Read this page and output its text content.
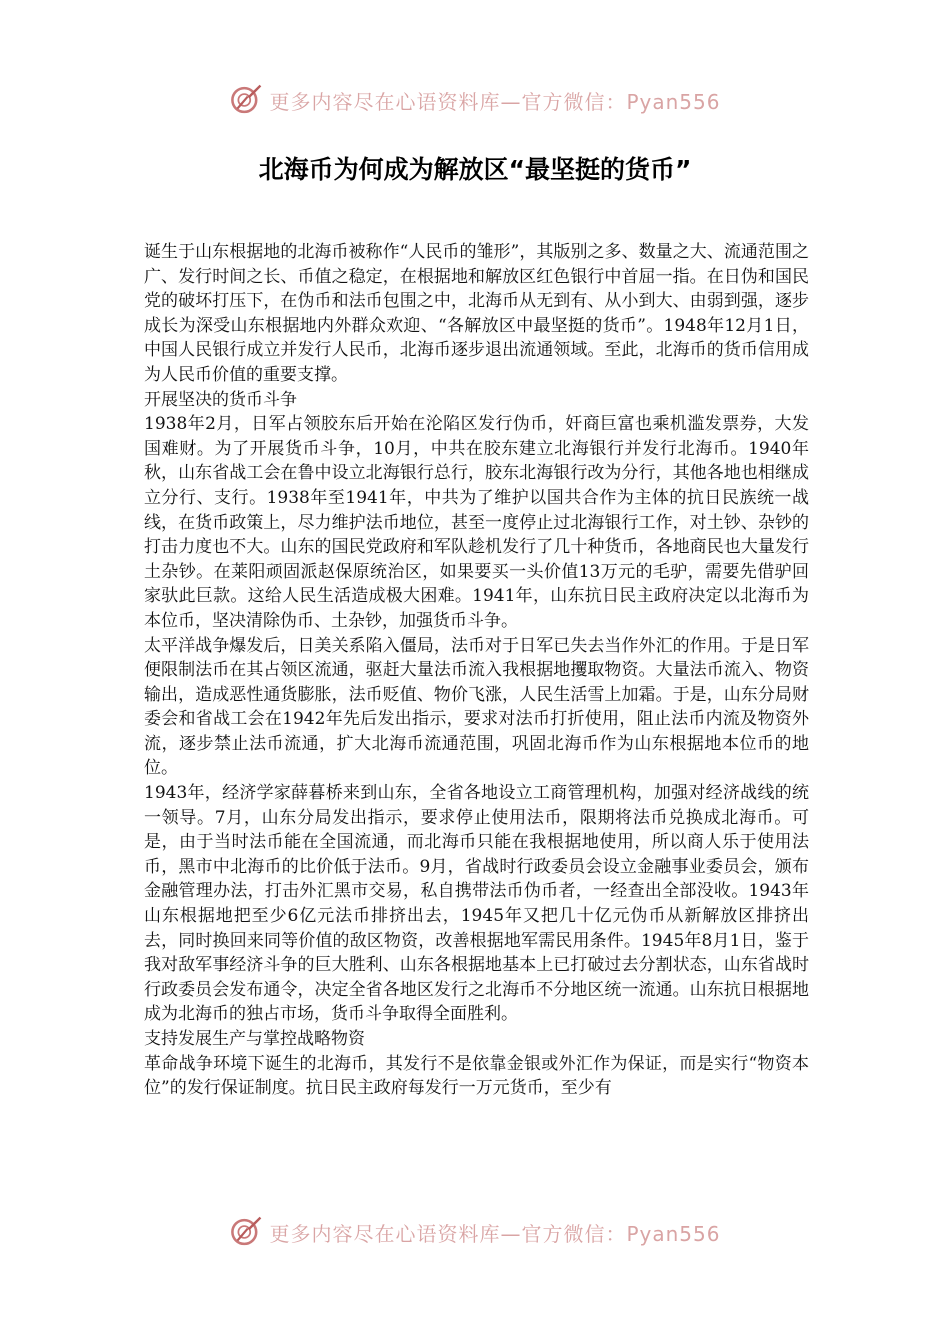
更多内容尽在心语资料库—官方微信：Pyan556
北海币为何成为解放区“最坚挺的货币”

诞生于山东根据地的北海币被称作“人民币的雏形”，其版别之多、数量之大、流通范围之广、发行时间之长、币值之稳定，在根据地和解放区红色银行中首屈一指。在日伪和国民党的破坏打压下，在伪币和法币包围之中，北海币从无到有、从小到大、由弱到强，逐步成长为深受山东根据地内外群众欢迎、“各解放区中最坚挺的货币”。1948年12月1日，中国人民银行成立并发行人民币，北海币逐步退出流通领域。至此，北海币的货币信用成为人民币价值的重要支撑。

开展坚决的货币斗争

1938年2月，日军占领胶东后开始在沦陷区发行伪币，奸商巨富也乘机滥发票券，大发国难财。为了开展货币斗争，10月，中共在胶东建立北海银行并发行北海币。1940年秋，山东省战工会在鲁中设立北海银行总行，胶东北海银行改为分行，其他各地也相继成立分行、支行。1938年至1941年，中共为了维护以国共合作为主体的抗日民族统一战线，在货币政策上，尽力维护法币地位，甚至一度停止过北海银行工作，对土钞、杂钞的打击力度也不大。山东的国民党政府和军队趁机发行了几十种货币，各地商民也大量发行土杂钞。在莱阳顽固派赵保原统治区，如果要买一头价值13万元的毛驴，需要先借驴回家驮此巨款。这给人民生活造成极大困难。1941年，山东抗日民主政府决定以北海币为本位币，坚决清除伪币、土杂钞，加强货币斗争。

太平洋战争爆发后，日美关系陷入僵局，法币对于日军已失去当作外汇的作用。于是日军便限制法币在其占领区流通，驱赶大量法币流入我根据地攫取物资。大量法币流入、物资输出，造成恶性通货膨胀，法币贬值、物价飞涨，人民生活雪上加霜。于是，山东分局财委会和省战工会在1942年先后发出指示，要求对法币打折使用，阻止法币内流及物资外流，逐步禁止法币流通，扩大北海币流通范围，巩固北海币作为山东根据地本位币的地位。

1943年，经济学家薛暮桥来到山东，全省各地设立工商管理机构，加强对经济战线的统一领导。7月，山东分局发出指示，要求停止使用法币，限期将法币兑换成北海币。可是，由于当时法币能在全国流通，而北海币只能在我根据地使用，所以商人乐于使用法币，黑市中北海币的比价低于法币。9月，省战时行政委员会设立金融事业委员会，颁布金融管理办法，打击外汇黑市交易，私自携带法币伪币者，一经查出全部没收。1943年山东根据地把至少6亿元法币排挤出去，1945年又把几十亿元伪币从新解放区排挤出去，同时换回来同等价值的敌区物资，改善根据地军需民用条件。1945年8月1日，鉴于我对敌军事经济斗争的巨大胜利、山东各根据地基本上已打破过去分割状态，山东省战时行政委员会发布通令，决定全省各地区发行之北海币不分地区统一流通。山东抗日根据地成为北海币的独占市场，货币斗争取得全面胜利。

支持发展生产与掌控战略物资

革命战争环境下诞生的北海币，其发行不是依靠金银或外汇作为保证，而是实行“物资本位”的发行保证制度。抗日民主政府每发行一万元货币，至少有

更多内容尽在心语资料库—官方微信：Pyan556
